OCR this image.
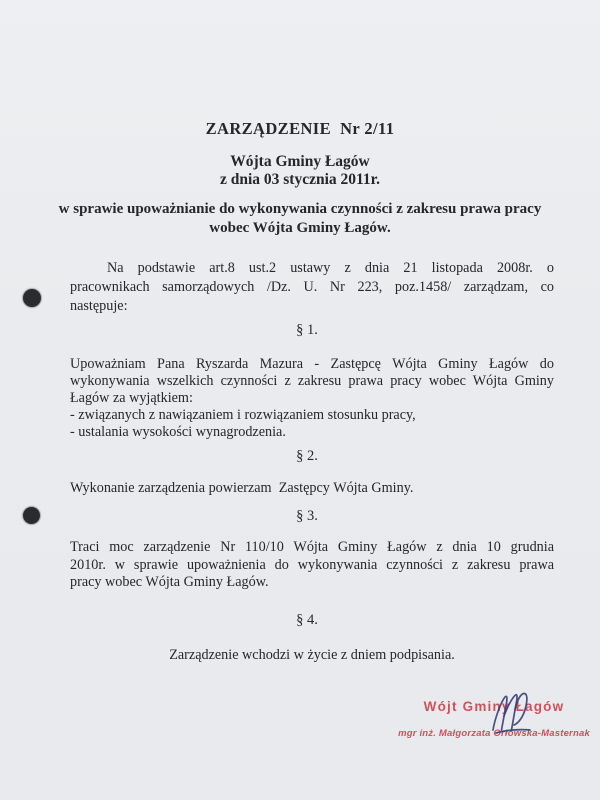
ZARZĄDZENIE  Nr 2/11
Wójta Gminy Łagów
z dnia 03 stycznia 2011r.
w sprawie upoważnianie do wykonywania czynności z zakresu prawa pracy
wobec Wójta Gminy Łagów.
Na podstawie art.8 ust.2 ustawy z dnia 21 listopada 2008r. o
pracownikach samorządowych /Dz. U. Nr 223, poz.1458/ zarządzam, co
następuje:
§ 1.
Upoważniam Pana Ryszarda Mazura - Zastępcę Wójta Gminy Łagów do
wykonywania wszelkich czynności z zakresu prawa pracy wobec Wójta Gminy
Łagów za wyjątkiem:
- związanych z nawiązaniem i rozwiązaniem stosunku pracy,
- ustalania wysokości wynagrodzenia.
§ 2.
Wykonanie zarządzenia powierzam  Zastępcy Wójta Gminy.
§ 3.
Traci moc zarządzenie Nr 110/10 Wójta Gminy Łagów z dnia 10 grudnia
2010r. w sprawie upoważnienia do wykonywania czynności z zakresu prawa
pracy wobec Wójta Gminy Łagów.
§ 4.
Zarządzenie wchodzi w życie z dniem podpisania.
Wójt Gminy Łagów
mgr inż. Małgorzata Orłowska-Masternak
